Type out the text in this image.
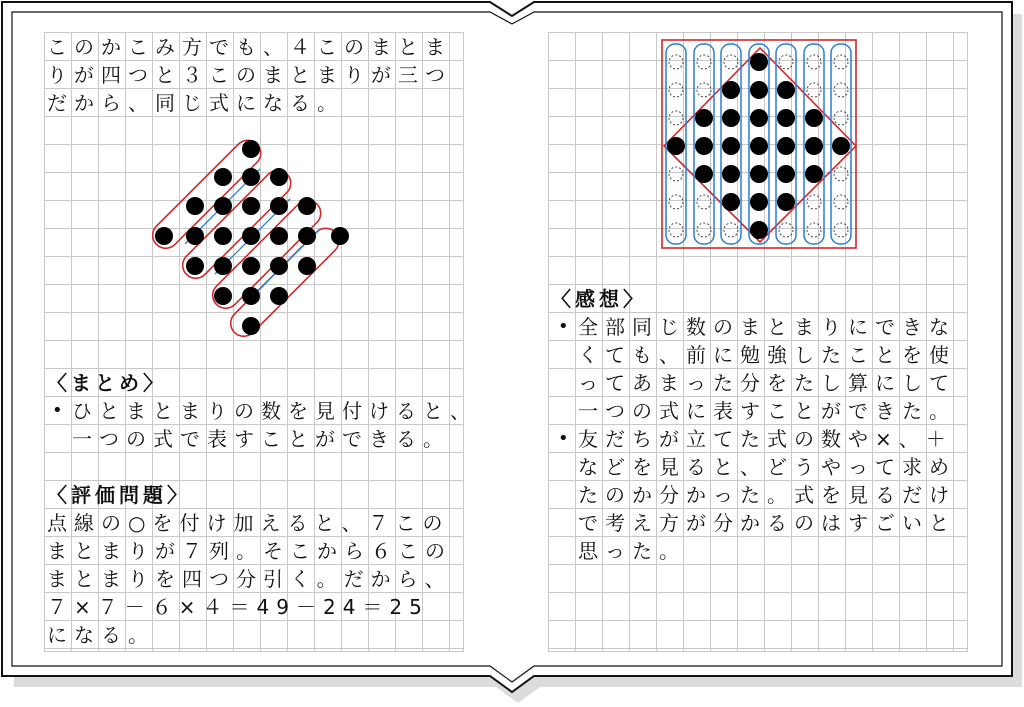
このかこみ方でも、４このまとま
りが四つと３このまとまりが三つ
だから、同じ式になる。
〈まとめ〉
• ひとまとまりの数を見付けると、
一つの式で表すことができる。
〈評価問題〉
点線の○を付け加えると、７この
まとまりが７列。そこから６この
まとまりを四つ分引く。だから、
７×７－６×４＝49－24＝25
になる。
〈感想〉
• 全部同じ数のまとまりにできな
くても、前に勉強したことを使
ってあまった分をたし算にして
一つの式に表すことができた。
• 友だちが立てた式の数や×、＋
などを見ると、どうやって求め
たのか分かった。式を見るだけ
で考え方が分かるのはすごいと
思った。
